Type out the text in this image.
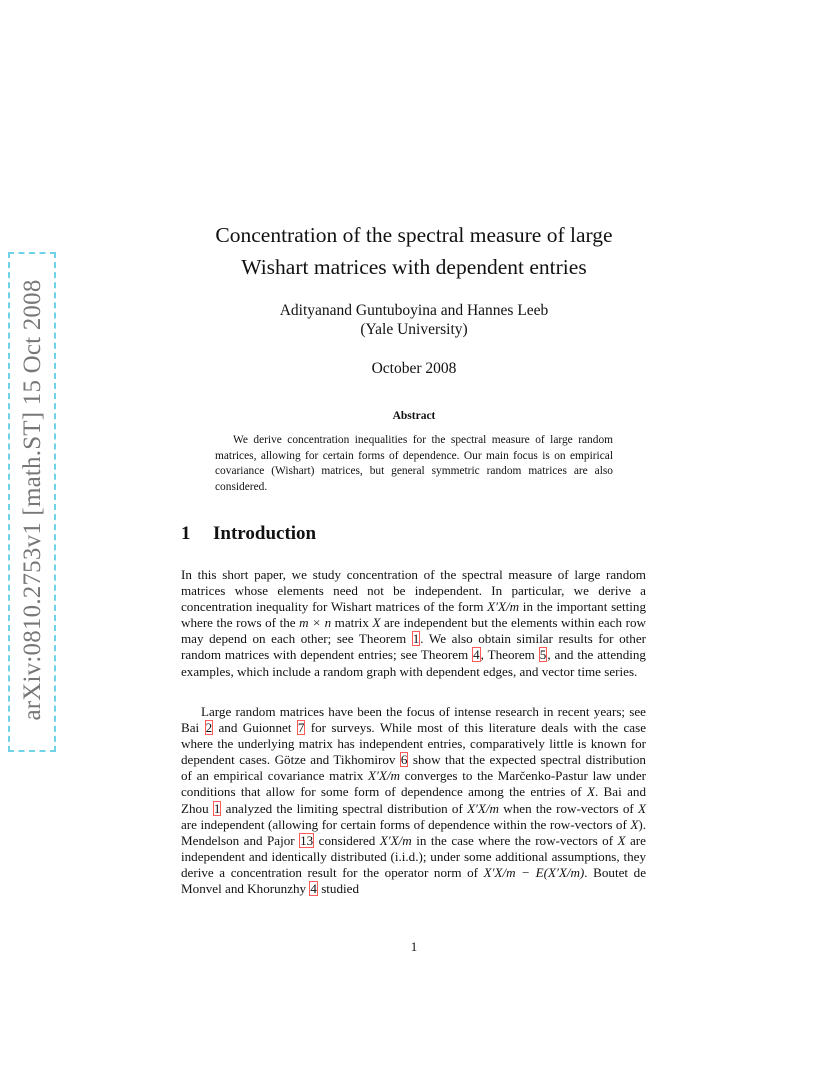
arXiv:0810.2753v1 [math.ST] 15 Oct 2008
Concentration of the spectral measure of large
Wishart matrices with dependent entries
Adityanand Guntuboyina and Hannes Leeb
(Yale University)
October 2008
Abstract
We derive concentration inequalities for the spectral measure of large random matrices, allowing for certain forms of dependence. Our main focus is on empirical covariance (Wishart) matrices, but general symmetric random matrices are also considered.
1 Introduction
In this short paper, we study concentration of the spectral measure of large random matrices whose elements need not be independent. In particular, we derive a concentration inequality for Wishart matrices of the form X′X/m in the important setting where the rows of the m × n matrix X are independent but the elements within each row may depend on each other; see Theorem 1. We also obtain similar results for other random matrices with dependent entries; see Theorem 4, Theorem 5, and the attending examples, which include a random graph with dependent edges, and vector time series.
Large random matrices have been the focus of intense research in recent years; see Bai 2 and Guionnet 7 for surveys. While most of this literature deals with the case where the underlying matrix has independent entries, comparatively little is known for dependent cases. Götze and Tikhomirov 6 show that the expected spectral distribution of an empirical covariance matrix X′X/m converges to the Marčenko-Pastur law under conditions that allow for some form of dependence among the entries of X. Bai and Zhou 1 analyzed the limiting spectral distribution of X′X/m when the row-vectors of X are independent (allowing for certain forms of dependence within the row-vectors of X). Mendelson and Pajor 13 considered X′X/m in the case where the row-vectors of X are independent and identically distributed (i.i.d.); under some additional assumptions, they derive a concentration result for the operator norm of X′X/m − E(X′X/m). Boutet de Monvel and Khorunzhy 4 studied
1
